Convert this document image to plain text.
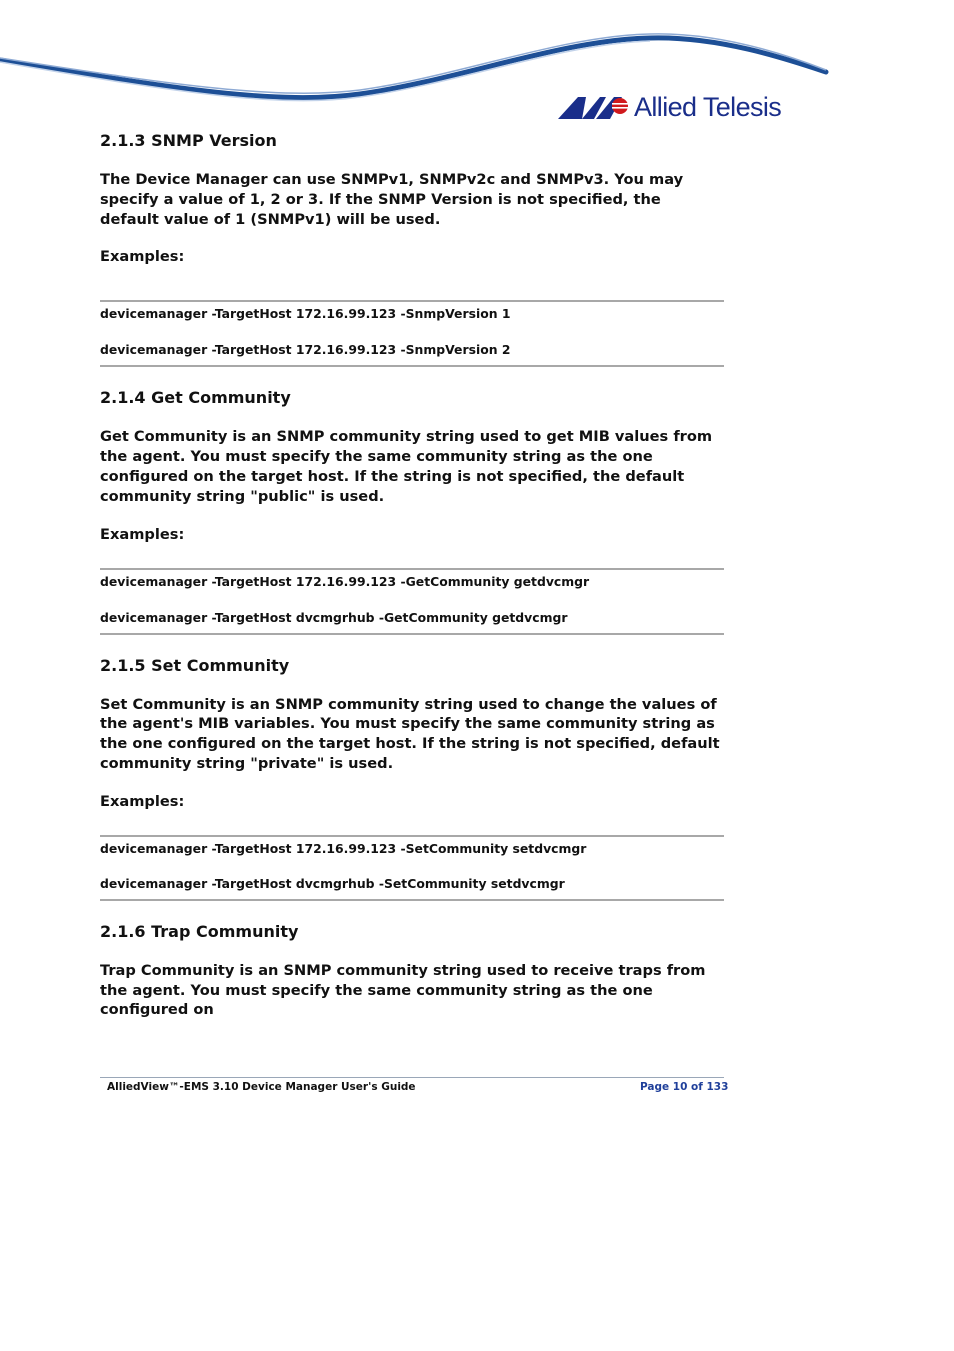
Allied Telesis
2.1.3 SNMP Version

The Device Manager can use SNMPv1, SNMPv2c and SNMPv3. You may specify a value of 1, 2 or 3. If the SNMP Version is not specified, the default value of 1 (SNMPv1) will be used.

Examples:

devicemanager -TargetHost 172.16.99.123 -SnmpVersion 1
devicemanager -TargetHost 172.16.99.123 -SnmpVersion 2
2.1.4 Get Community

Get Community is an SNMP community string used to get MIB values from the agent. You must specify the same community string as the one configured on the target host. If the string is not specified, the default community string "public" is used.

Examples:

devicemanager -TargetHost 172.16.99.123 -GetCommunity getdvcmgr
devicemanager -TargetHost dvcmgrhub -GetCommunity getdvcmgr
2.1.5 Set Community

Set Community is an SNMP community string used to change the values of the agent's MIB variables. You must specify the same community string as the one configured on the target host. If the string is not specified, default community string "private" is used.

Examples:

devicemanager -TargetHost 172.16.99.123 -SetCommunity setdvcmgr
devicemanager -TargetHost dvcmgrhub -SetCommunity setdvcmgr
2.1.6 Trap Community

Trap Community is an SNMP community string used to receive traps from the agent. You must specify the same community string as the one configured on

AlliedView™-EMS 3.10 Device Manager User's Guide	Page 10 of 133
